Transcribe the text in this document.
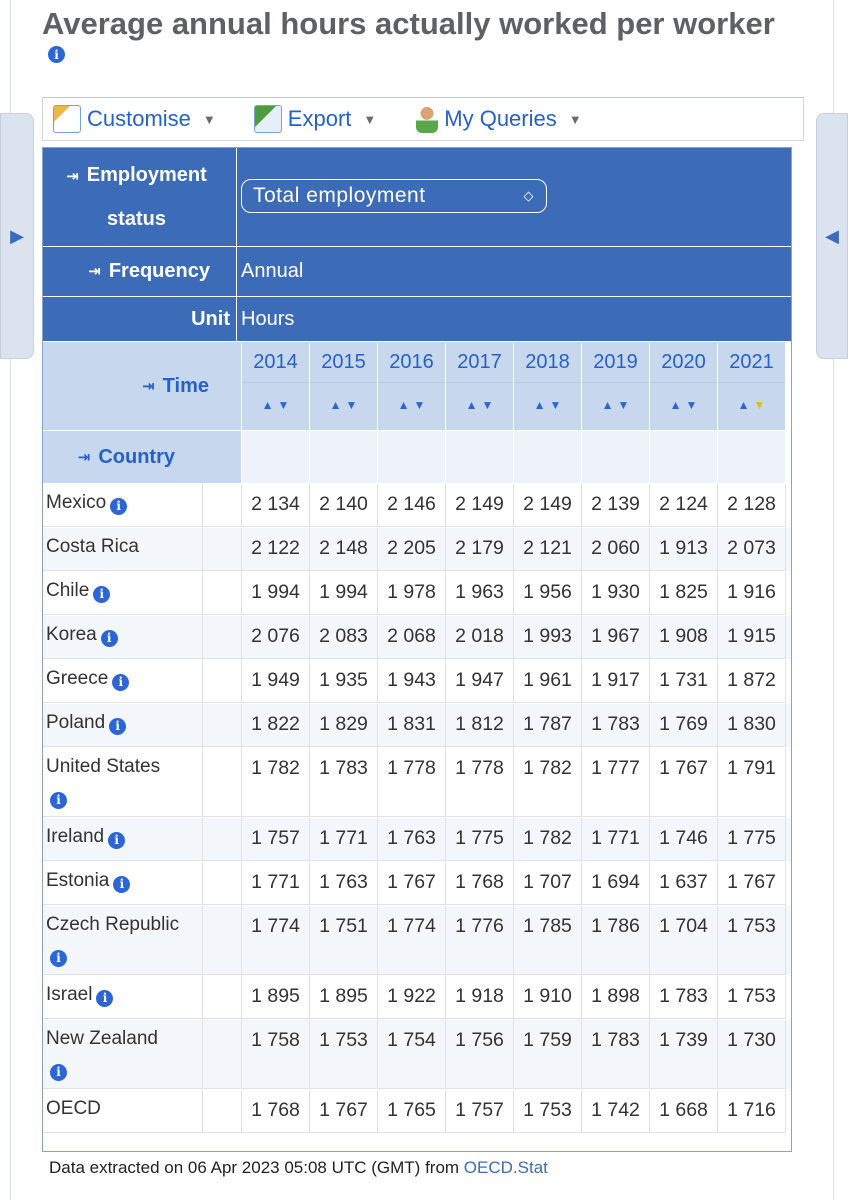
▶	◀
Average annual hours actually worked per worker i
Customise ▼	Export ▼	My Queries ▼
⇥ Employment status
Total employment	◇
⇥ Frequency Annual
Unit Hours
⇥ Time
2014
▲ ▼
2015
▲ ▼
2016
▲ ▼
2017
▲ ▼
2018
▲ ▼
2019
▲ ▼
2020
▲ ▼
2021
▲ ▼
⇥ Country
Mexico i	2 134 2 140 2 146 2 149 2 149 2 139 2 124 2 128
Costa Rica	2 122 2 148 2 205 2 179 2 121 2 060 1 913 2 073
Chile i	1 994 1 994 1 978 1 963 1 956 1 930 1 825 1 916
Korea i	2 076 2 083 2 068 2 018 1 993 1 967 1 908 1 915
Greece i	1 949 1 935 1 943 1 947 1 961 1 917 1 731 1 872
Poland i	1 822 1 829 1 831 1 812 1 787 1 783 1 769 1 830
United States
i
1 782 1 783 1 778 1 778 1 782 1 777 1 767 1 791
Ireland i	1 757 1 771 1 763 1 775 1 782 1 771 1 746 1 775
Estonia i	1 771 1 763 1 767 1 768 1 707 1 694 1 637 1 767
Czech Republic
i
1 774 1 751 1 774 1 776 1 785 1 786 1 704 1 753
Israel i	1 895 1 895 1 922 1 918 1 910 1 898 1 783 1 753
New Zealand
i
1 758 1 753 1 754 1 756 1 759 1 783 1 739 1 730
OECD	1 768 1 767 1 765 1 757 1 753 1 742 1 668 1 716
Data extracted on 06 Apr 2023 05:08 UTC (GMT) from OECD.Stat
